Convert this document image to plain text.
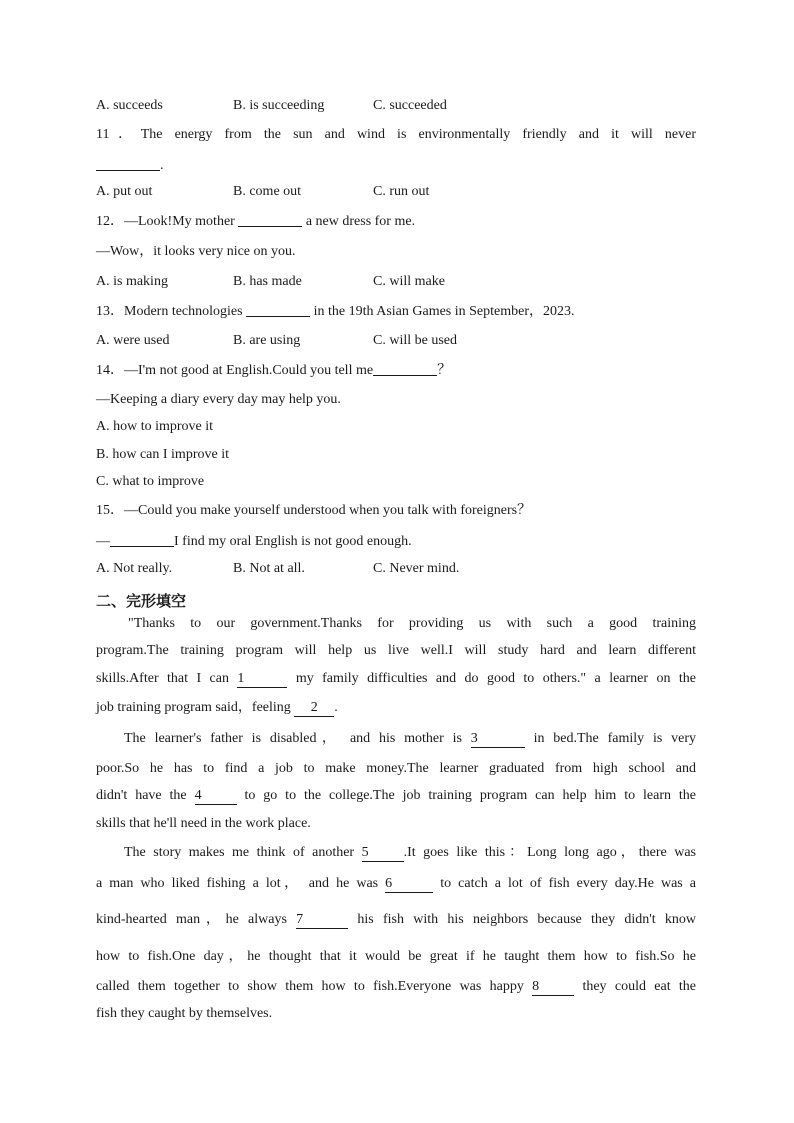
A. succeeds	B. is succeeding	C. succeeded
11．The energy from the sun and wind is environmentally friendly and it will never
.
A. put out	B. come out	C. run out
12．—Look!My mother	a new dress for me.
—Wow，it looks very nice on you.
A. is making	B. has made	C. will make
13．Modern technologies	in the 19th Asian Games in September，2023.
A. were used	B. are using	C. will be used
14．—I'm not good at English.Could you tell me	？
—Keeping a diary every day may help you.
A. how to improve it
B. how can I improve it
C. what to improve
15．—Could you make yourself understood when you talk with foreigners？
—	I find my oral English is not good enough.
A. Not really.	B. Not at all.	C. Never mind.
二、完形填空
"Thanks to our government.Thanks for providing us with such a good training
program.The training program will help us live well.I will study hard and learn different
skills.After that I can 1	my family difficulties and do good to others." a learner on the
job training program said，feeling 2 .
The learner's father is disabled， and his mother is 3	in bed.The family is very
poor.So he has to find a job to make money.The learner graduated from high school and
didn't have the 4	to go to the college.The job training program can help him to learn the
skills that he'll need in the work place.
The story makes me think of another 5	.It goes like this：Long long ago，there was
a man who liked fishing a lot， and he was 6	to catch a lot of fish every day.He was a
kind-hearted man，he always 7	his fish with his neighbors because they didn't know
how to fish.One day，he thought that it would be great if he taught them how to fish.So he
called them together to show them how to fish.Everyone was happy 8	they could eat the
fish they caught by themselves.
